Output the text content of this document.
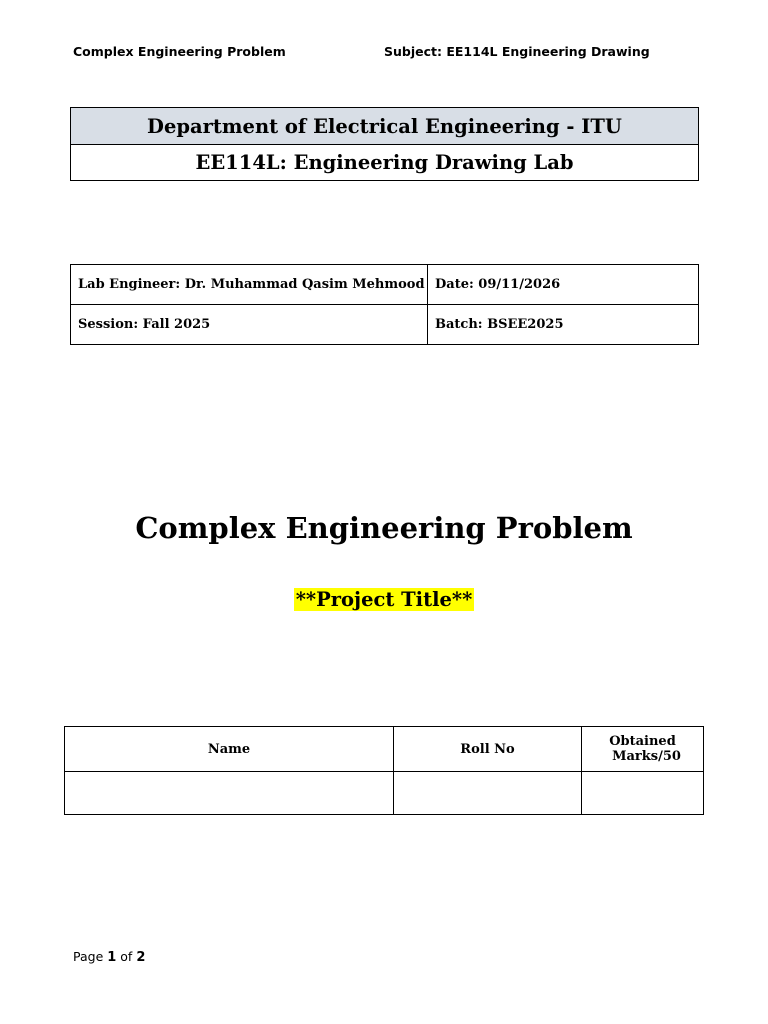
Complex Engineering Problem	Subject: EE114L Engineering Drawing
Department of Electrical Engineering - ITU
EE114L: Engineering Drawing Lab
Lab Engineer: Dr. Muhammad Qasim Mehmood	Date: 09/11/2026
Session: Fall 2025	Batch: BSEE2025
Complex Engineering Problem
**Project Title**
Name	Roll No	Obtained
Marks/50

Page 1 of 2
